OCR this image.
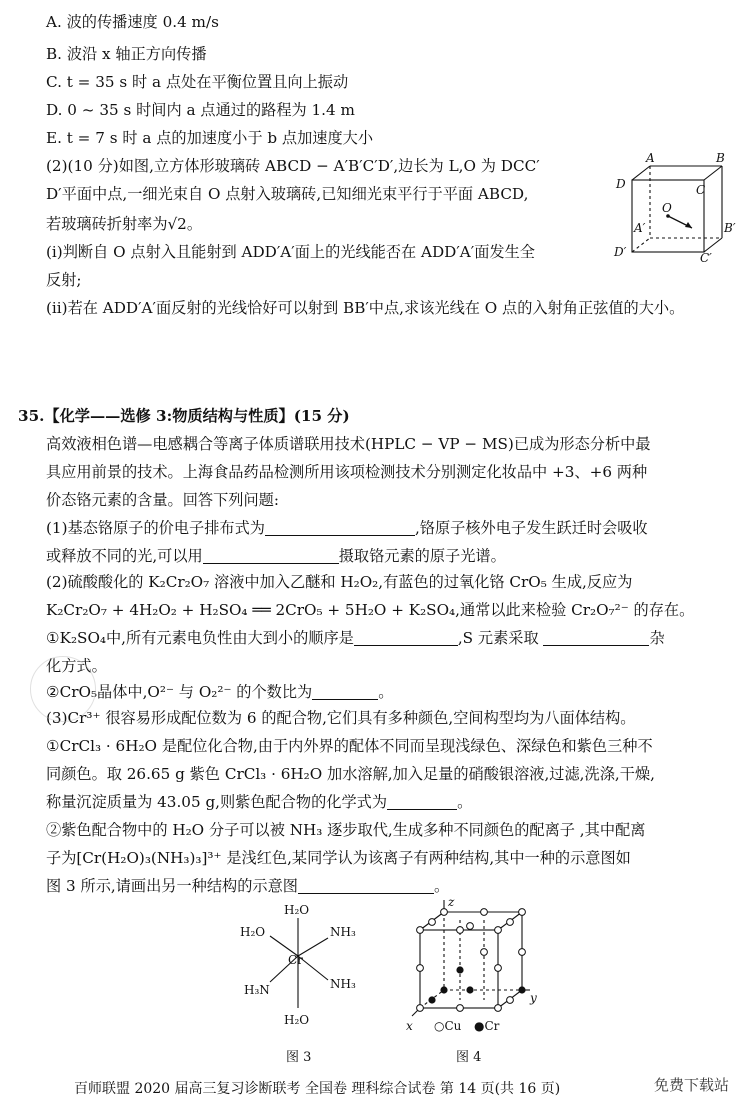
A. 波的传播速度 0.4 m/s
B. 波沿 x 轴正方向传播
C. t = 35 s 时 a 点处在平衡位置且向上振动
D. 0 ~ 35 s 时间内 a 点通过的路程为 1.4 m
E. t = 7 s 时 a 点的加速度小于 b 点加速度大小
(2)(10 分)如图,立方体形玻璃砖 ABCD − A′B′C′D′,边长为 L,O 为 DCC′
D′平面中点,一细光束自 O 点射入玻璃砖,已知细光束平行于平面 ABCD,
若玻璃砖折射率为√2。
(i)判断自 O 点射入且能射到 ADD′A′面上的光线能否在 ADD′A′面发生全
反射;
(ii)若在 ADD′A′面反射的光线恰好可以射到 BB′中点,求该光线在 O 点的入射角正弦值的大小。
A	B
D	C
A′	B′
D′	C′
O
35.【化学——选修 3:物质结构与性质】(15 分)
高效液相色谱—电感耦合等离子体质谱联用技术(HPLC − VP − MS)已成为形态分析中最
具应用前景的技术。上海食品药品检测所用该项检测技术分别测定化妆品中 +3、+6 两种
价态铬元素的含量。回答下列问题:
(1)基态铬原子的价电子排布式为	,铬原子核外电子发生跃迁时会吸收
或释放不同的光,可以用	摄取铬元素的原子光谱。
(2)硫酸酸化的 K₂Cr₂O₇ 溶液中加入乙醚和 H₂O₂,有蓝色的过氧化铬 CrO₅ 生成,反应为
K₂Cr₂O₇ + 4H₂O₂ + H₂SO₄ ══ 2CrO₅ + 5H₂O + K₂SO₄,通常以此来检验 Cr₂O₇²⁻ 的存在。
①K₂SO₄中,所有元素电负性由大到小的顺序是	,S 元素采取	杂
化方式。
②CrO₅晶体中,O²⁻ 与 O₂²⁻ 的个数比为	。
(3)Cr³⁺ 很容易形成配位数为 6 的配合物,它们具有多种颜色,空间构型均为八面体结构。
①CrCl₃ · 6H₂O 是配位化合物,由于内外界的配体不同而呈现浅绿色、深绿色和紫色三种不
同颜色。取 26.65 g 紫色 CrCl₃ · 6H₂O 加水溶解,加入足量的硝酸银溶液,过滤,洗涤,干燥,
称量沉淀质量为 43.05 g,则紫色配合物的化学式为	。
②紫色配合物中的 H₂O 分子可以被 NH₃ 逐步取代,生成多种不同颜色的配离子 ,其中配离
子为[Cr(H₂O)₃(NH₃)₃]³⁺ 是浅红色,某同学认为该离子有两种结构,其中一种的示意图如
图 3 所示,请画出另一种结构的示意图	。
Cr
H₂O
H₂O	NH₃
H₃N	NH₃
H₂O
图 3
z
y
x ○Cu ●Cr
图 4
百师联盟 2020 届高三复习诊断联考 全国卷 理科综合试卷 第 14 页(共 16 页)	免费下载站
